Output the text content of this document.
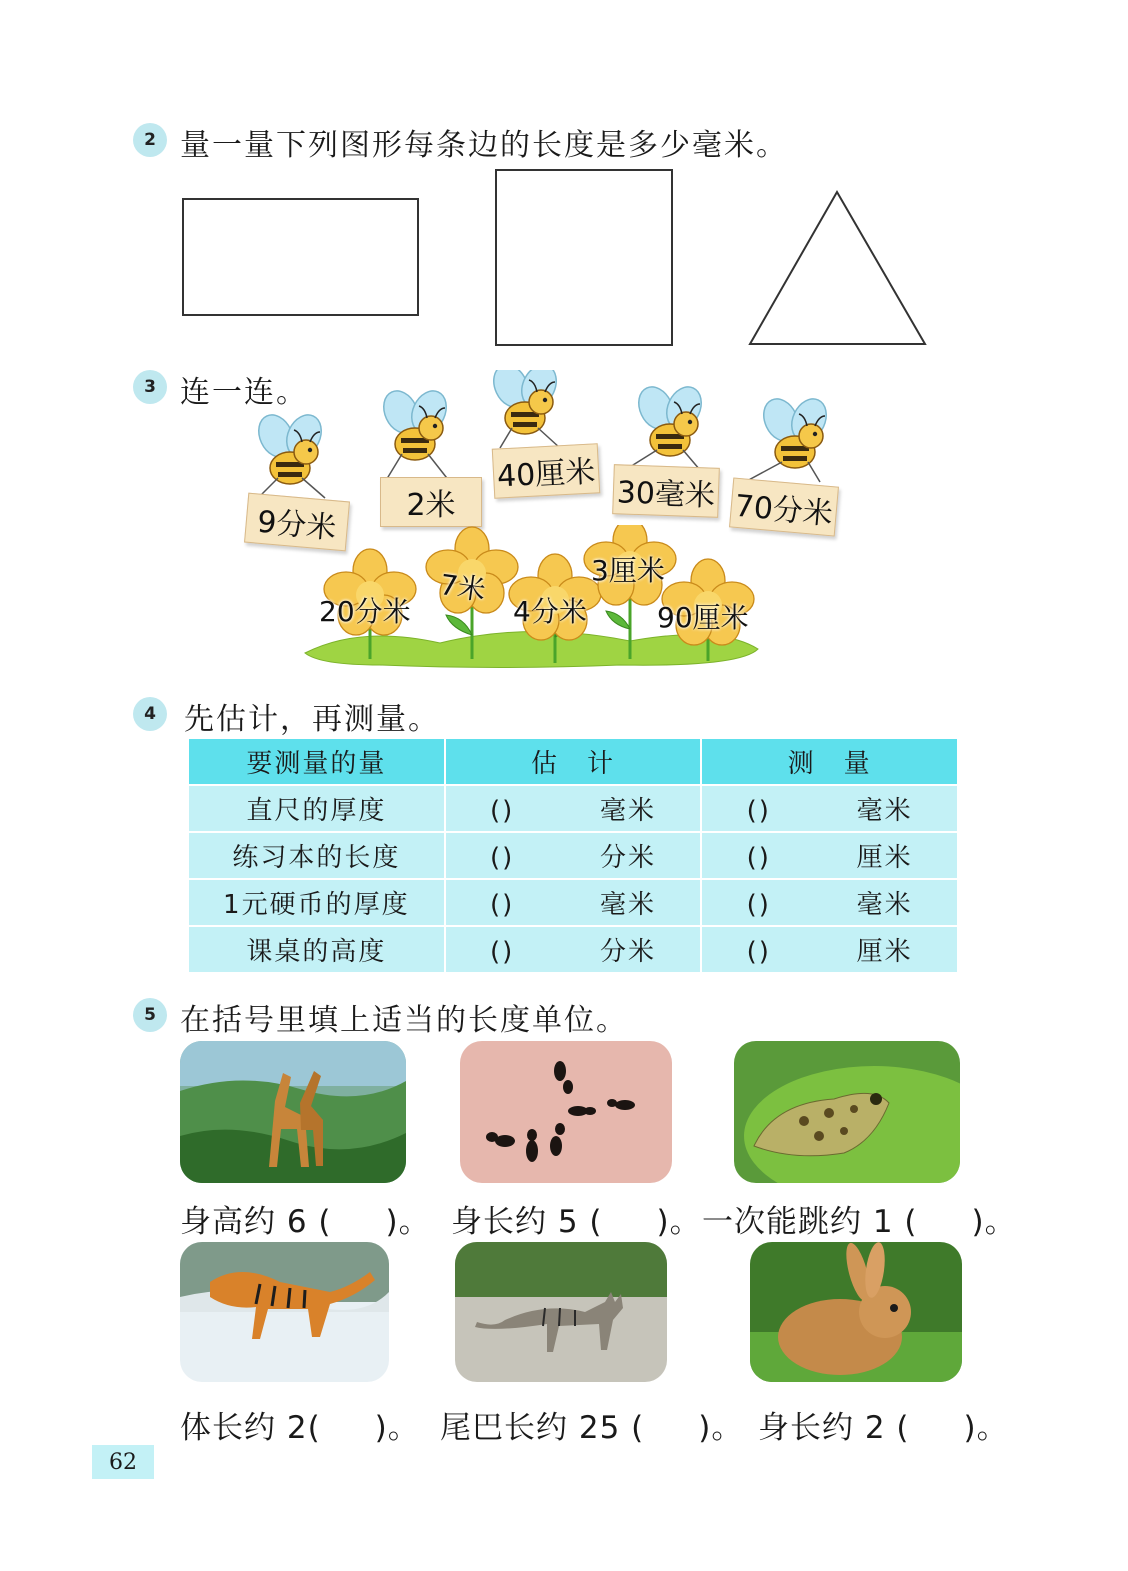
2 量一量下列图形每条边的长度是多少毫米。
3 连一连。
9分米	2米
40厘米 30毫米 70分米
20分米
7米
4分米
3厘米
90厘米
4 先估计，再测量。
要测量的量	估　计	测　量
直尺的厚度	() 毫米	() 毫米
练习本的长度	() 分米	() 厘米
1元硬币的厚度	() 毫米	() 毫米
课桌的高度	() 分米	() 厘米
5 在括号里填上适当的长度单位。
身高约 6 ( )。 身长约 5 ( )。 一次能跳约 1 ( )。
体长约 2( )。 尾巴长约 25 ( )。 身长约 2 ( )。
62
